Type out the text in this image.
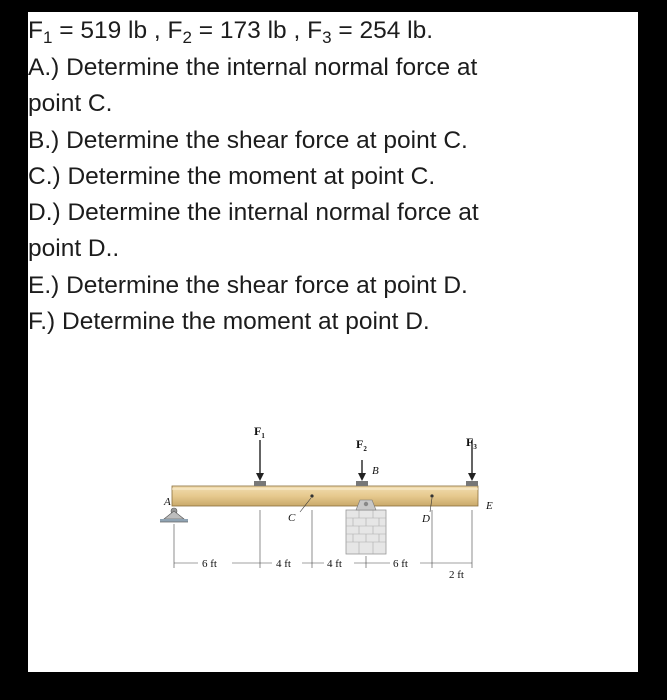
$F_1 = 519$ lb , $F_2 = 173$ lb , $F_3 = 254$ lb.

A.) Determine the internal normal force at

point C.

B.) Determine the shear force at point C.

C.) Determine the moment at point C.

D.) Determine the internal normal force at

point D..

E.) Determine the shear force at point D.

F.) Determine the moment at point D.

$F_1$
$F_2$	$F_3$
A
B
C	D
E
6 ft	4 ft	4 ft	6 ft
2 ft
